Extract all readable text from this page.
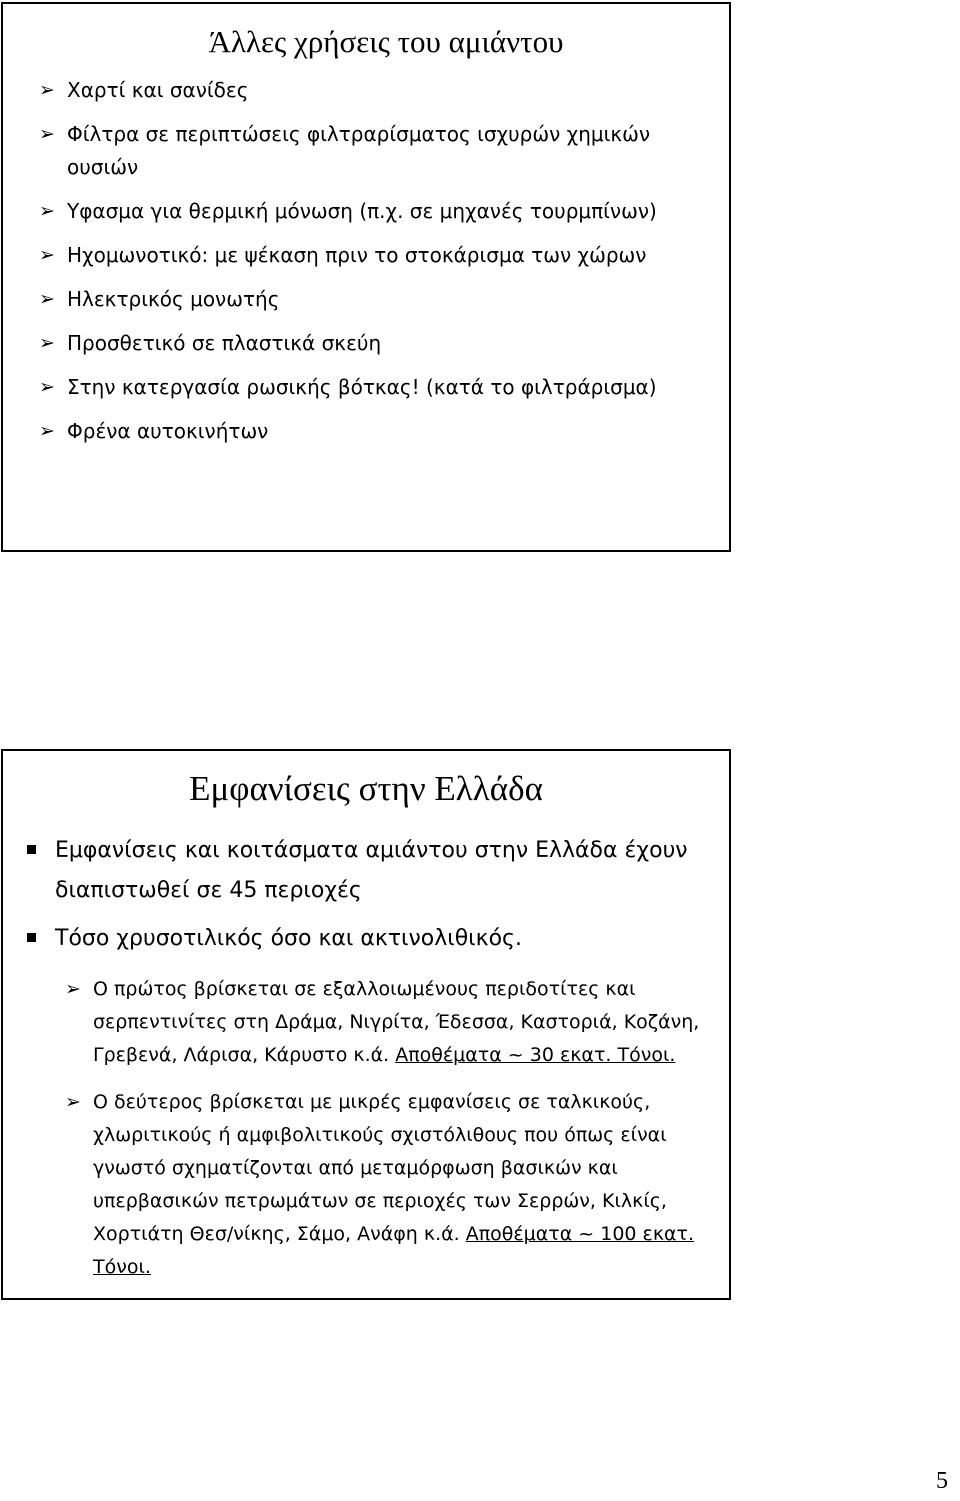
Άλλες χρήσεις του αμιάντου
➢ Χαρτί και σανίδες
➢ Φίλτρα σε περιπτώσεις φιλτραρίσματος ισχυρών χημικών ουσιών
➢ Υφασμα για θερμική μόνωση (π.χ. σε μηχανές τουρμπίνων)
➢ Ηχομωνοτικό: με ψέκαση πριν το στοκάρισμα των χώρων
➢ Ηλεκτρικός μονωτής
➢ Προσθετικό σε πλαστικά σκεύη
➢ Στην κατεργασία ρωσικής βότκας! (κατά το φιλτράρισμα)
➢ Φρένα αυτοκινήτων
Εμφανίσεις στην Ελλάδα
Εμφανίσεις και κοιτάσματα αμιάντου στην Ελλάδα έχουν διαπιστωθεί σε 45 περιοχές
Τόσο χρυσοτιλικός όσο και ακτινολιθικός.
➢ Ο πρώτος βρίσκεται σε εξαλλοιωμένους περιδοτίτες και σερπεντινίτες στη Δράμα, Νιγρίτα, Έδεσσα, Καστοριά, Κοζάνη, Γρεβενά, Λάρισα, Κάρυστο κ.ά. Αποθέματα ~ 30 εκατ. Τόνοι.
➢ Ο δεύτερος βρίσκεται με μικρές εμφανίσεις σε ταλκικούς, χλωριτικούς ή αμφιβολιτικούς σχιστόλιθους που όπως είναι γνωστό σχηματίζονται από μεταμόρφωση βασικών και υπερβασικών πετρωμάτων σε περιοχές των Σερρών, Κιλκίς, Χορτιάτη Θεσ/νίκης, Σάμο, Ανάφη κ.ά. Αποθέματα ~ 100 εκατ. Τόνοι.
5
